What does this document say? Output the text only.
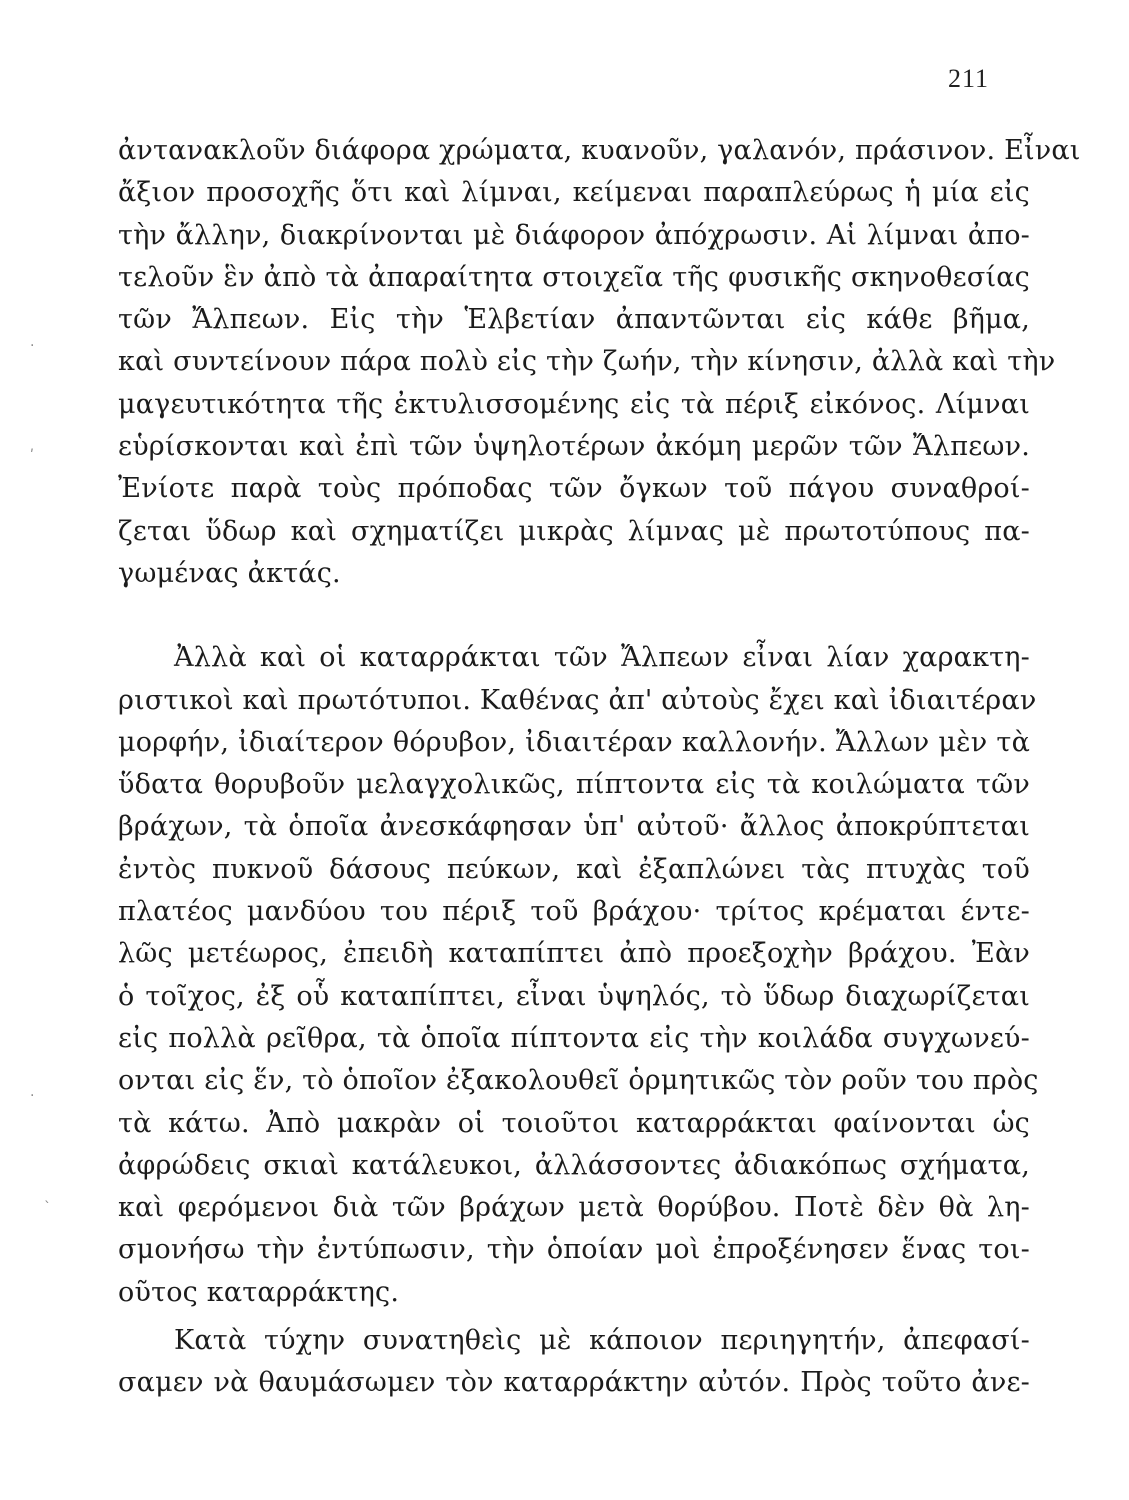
211
ἀντανακλοῦν διάφορα χρώματα, κυανοῦν, γαλανόν, πράσινον. Εἶναι
ἄξιον προσοχῆς ὅτι καὶ λίμναι, κείμεναι παραπλεύρως ἡ μία εἰς
τὴν ἄλλην, διακρίνονται μὲ διάφορον ἀπόχρωσιν. Αἱ λίμναι ἀπο-
τελοῦν ἓν ἀπὸ τὰ ἀπαραίτητα στοιχεῖα τῆς φυσικῆς σκηνοθεσίας
τῶν Ἄλπεων. Εἰς τὴν Ἑλβετίαν ἀπαντῶνται εἰς κάθε βῆμα,
καὶ συντείνουν πάρα πολὺ εἰς τὴν ζωήν, τὴν κίνησιν, ἀλλὰ καὶ τὴν
μαγευτικότητα τῆς ἐκτυλισσομένης εἰς τὰ πέριξ εἰκόνος. Λίμναι
εὑρίσκονται καὶ ἐπὶ τῶν ὑψηλοτέρων ἀκόμη μερῶν τῶν Ἄλπεων.
Ἐνίοτε παρὰ τοὺς πρόποδας τῶν ὄγκων τοῦ πάγου συναθροί-
ζεται ὕδωρ καὶ σχηματίζει μικρὰς λίμνας μὲ πρωτοτύπους πα-
γωμένας ἀκτάς.
Ἀλλὰ καὶ οἱ καταρράκται τῶν Ἄλπεων εἶναι λίαν χαρακτη-
ριστικοὶ καὶ πρωτότυποι. Καθένας ἀπ' αὐτοὺς ἔχει καὶ ἰδιαιτέραν
μορφήν, ἰδιαίτερον θόρυβον, ἰδιαιτέραν καλλονήν. Ἄλλων μὲν τὰ
ὕδατα θορυβοῦν μελαγχολικῶς, πίπτοντα εἰς τὰ κοιλώματα τῶν
βράχων, τὰ ὁποῖα ἀνεσκάφησαν ὑπ' αὐτοῦ· ἄλλος ἀποκρύπτεται
ἐντὸς πυκνοῦ δάσους πεύκων, καὶ ἐξαπλώνει τὰς πτυχὰς τοῦ
πλατέος μανδύου του πέριξ τοῦ βράχου· τρίτος κρέμαται έντε-
λῶς μετέωρος, ἐπειδὴ καταπίπτει ἀπὸ προεξοχὴν βράχου. Ἐὰν
ὁ τοῖχος, ἐξ οὗ καταπίπτει, εἶναι ὑψηλός, τὸ ὕδωρ διαχωρίζεται
εἰς πολλὰ ρεῖθρα, τὰ ὁποῖα πίπτοντα εἰς τὴν κοιλάδα συγχωνεύ-
ονται εἰς ἕν, τὸ ὁποῖον ἐξακολουθεῖ ὁρμητικῶς τὸν ροῦν του πρὸς
τὰ κάτω. Ἀπὸ μακρὰν οἱ τοιοῦτοι καταρράκται φαίνονται ὡς
ἀφρώδεις σκιαὶ κατάλευκοι, ἀλλάσσοντες ἀδιακόπως σχήματα,
καὶ φερόμενοι διὰ τῶν βράχων μετὰ θορύβου. Ποτὲ δὲν θὰ λη-
σμονήσω τὴν ἐντύπωσιν, τὴν ὁποίαν μοὶ ἐπροξένησεν ἕνας τοι-
οῦτος καταρράκτης.
Κατὰ τύχην συνατηθεὶς μὲ κάποιον περιηγητήν, ἀπεφασί-
σαμεν νὰ θαυμάσωμεν τὸν καταρράκτην αὐτόν. Πρὸς τοῦτο ἀνε-
·
ʹ
·
ˋ
